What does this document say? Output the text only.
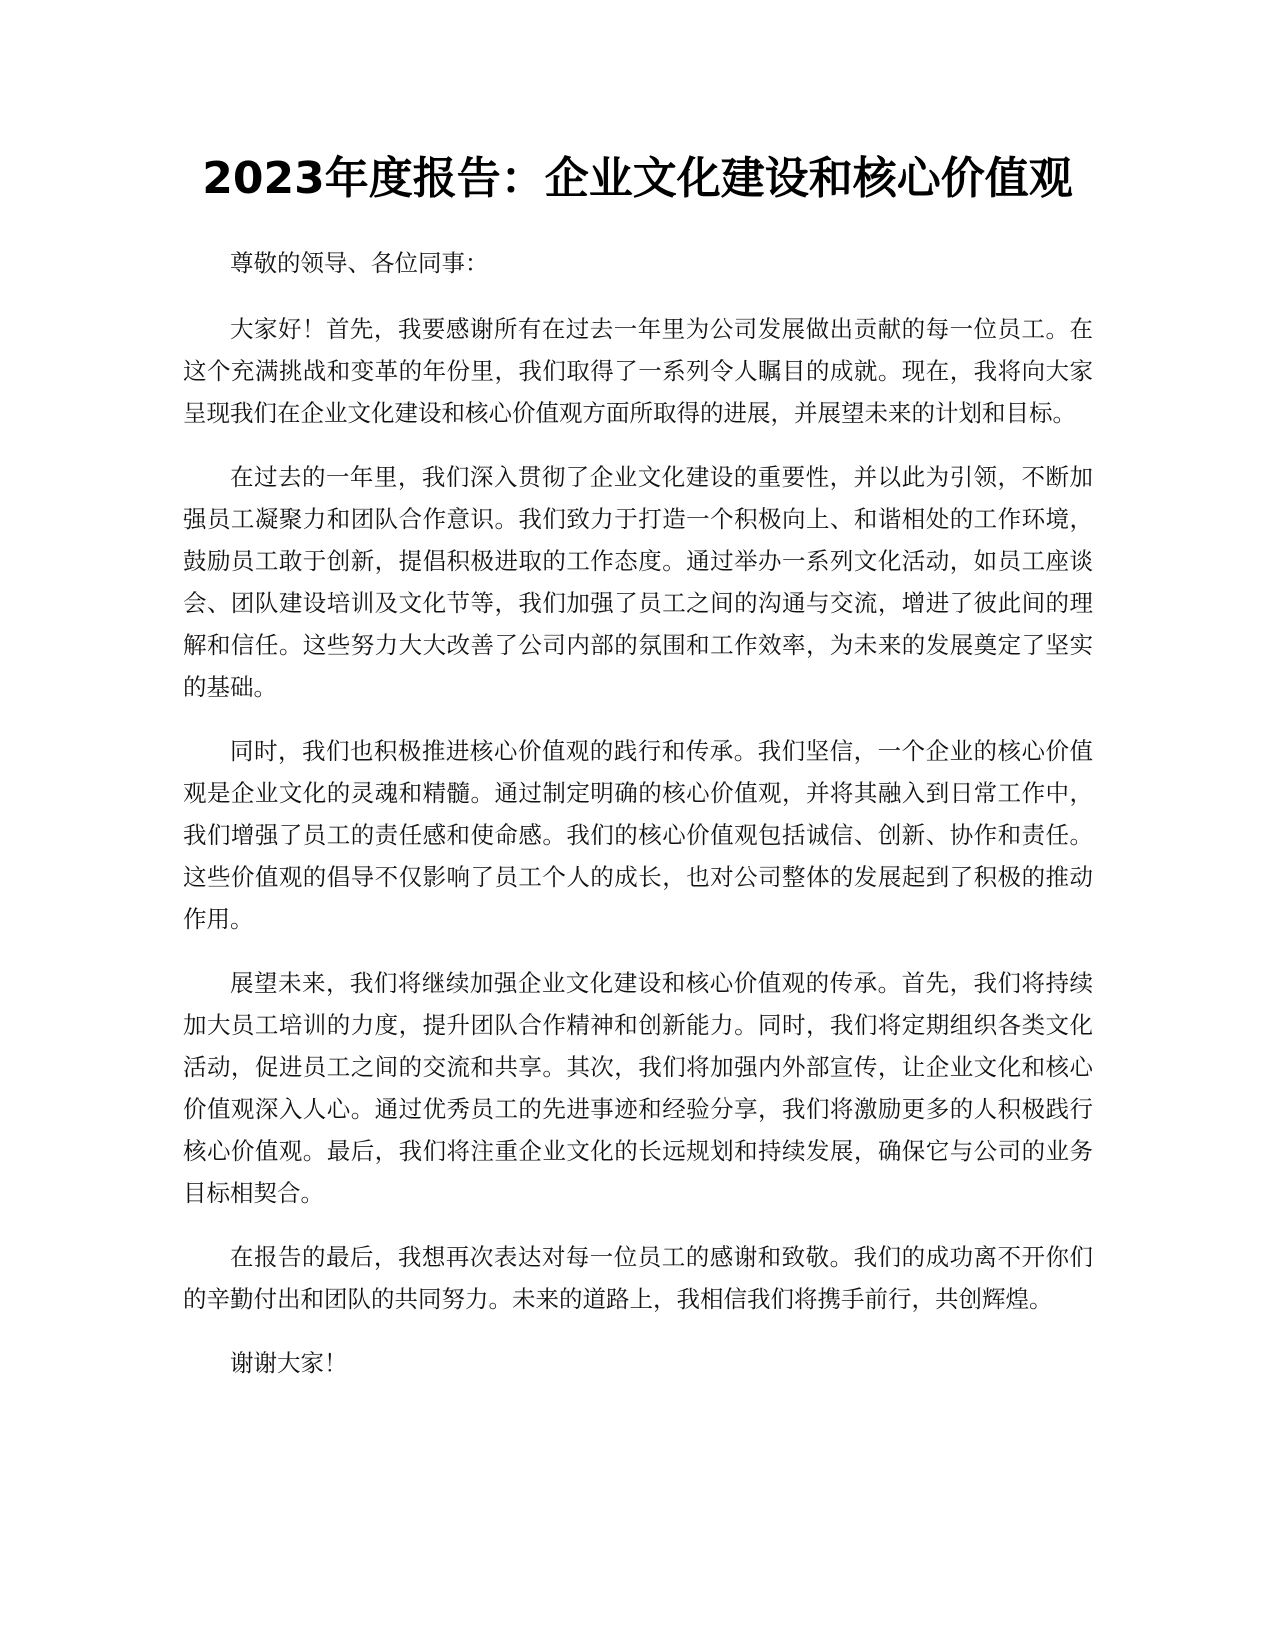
2023年度报告：企业文化建设和核心价值观

尊敬的领导、各位同事：

大家好！首先，我要感谢所有在过去一年里为公司发展做出贡献的每一位员工。在这个充满挑战和变革的年份里，我们取得了一系列令人瞩目的成就。现在，我将向大家呈现我们在企业文化建设和核心价值观方面所取得的进展，并展望未来的计划和目标。

在过去的一年里，我们深入贯彻了企业文化建设的重要性，并以此为引领，不断加强员工凝聚力和团队合作意识。我们致力于打造一个积极向上、和谐相处的工作环境，鼓励员工敢于创新，提倡积极进取的工作态度。通过举办一系列文化活动，如员工座谈会、团队建设培训及文化节等，我们加强了员工之间的沟通与交流，增进了彼此间的理解和信任。这些努力大大改善了公司内部的氛围和工作效率，为未来的发展奠定了坚实的基础。

同时，我们也积极推进核心价值观的践行和传承。我们坚信，一个企业的核心价值观是企业文化的灵魂和精髓。通过制定明确的核心价值观，并将其融入到日常工作中，我们增强了员工的责任感和使命感。我们的核心价值观包括诚信、创新、协作和责任。这些价值观的倡导不仅影响了员工个人的成长，也对公司整体的发展起到了积极的推动作用。

展望未来，我们将继续加强企业文化建设和核心价值观的传承。首先，我们将持续加大员工培训的力度，提升团队合作精神和创新能力。同时，我们将定期组织各类文化活动，促进员工之间的交流和共享。其次，我们将加强内外部宣传，让企业文化和核心价值观深入人心。通过优秀员工的先进事迹和经验分享，我们将激励更多的人积极践行核心价值观。最后，我们将注重企业文化的长远规划和持续发展，确保它与公司的业务目标相契合。

在报告的最后，我想再次表达对每一位员工的感谢和致敬。我们的成功离不开你们的辛勤付出和团队的共同努力。未来的道路上，我相信我们将携手前行，共创辉煌。

谢谢大家！
